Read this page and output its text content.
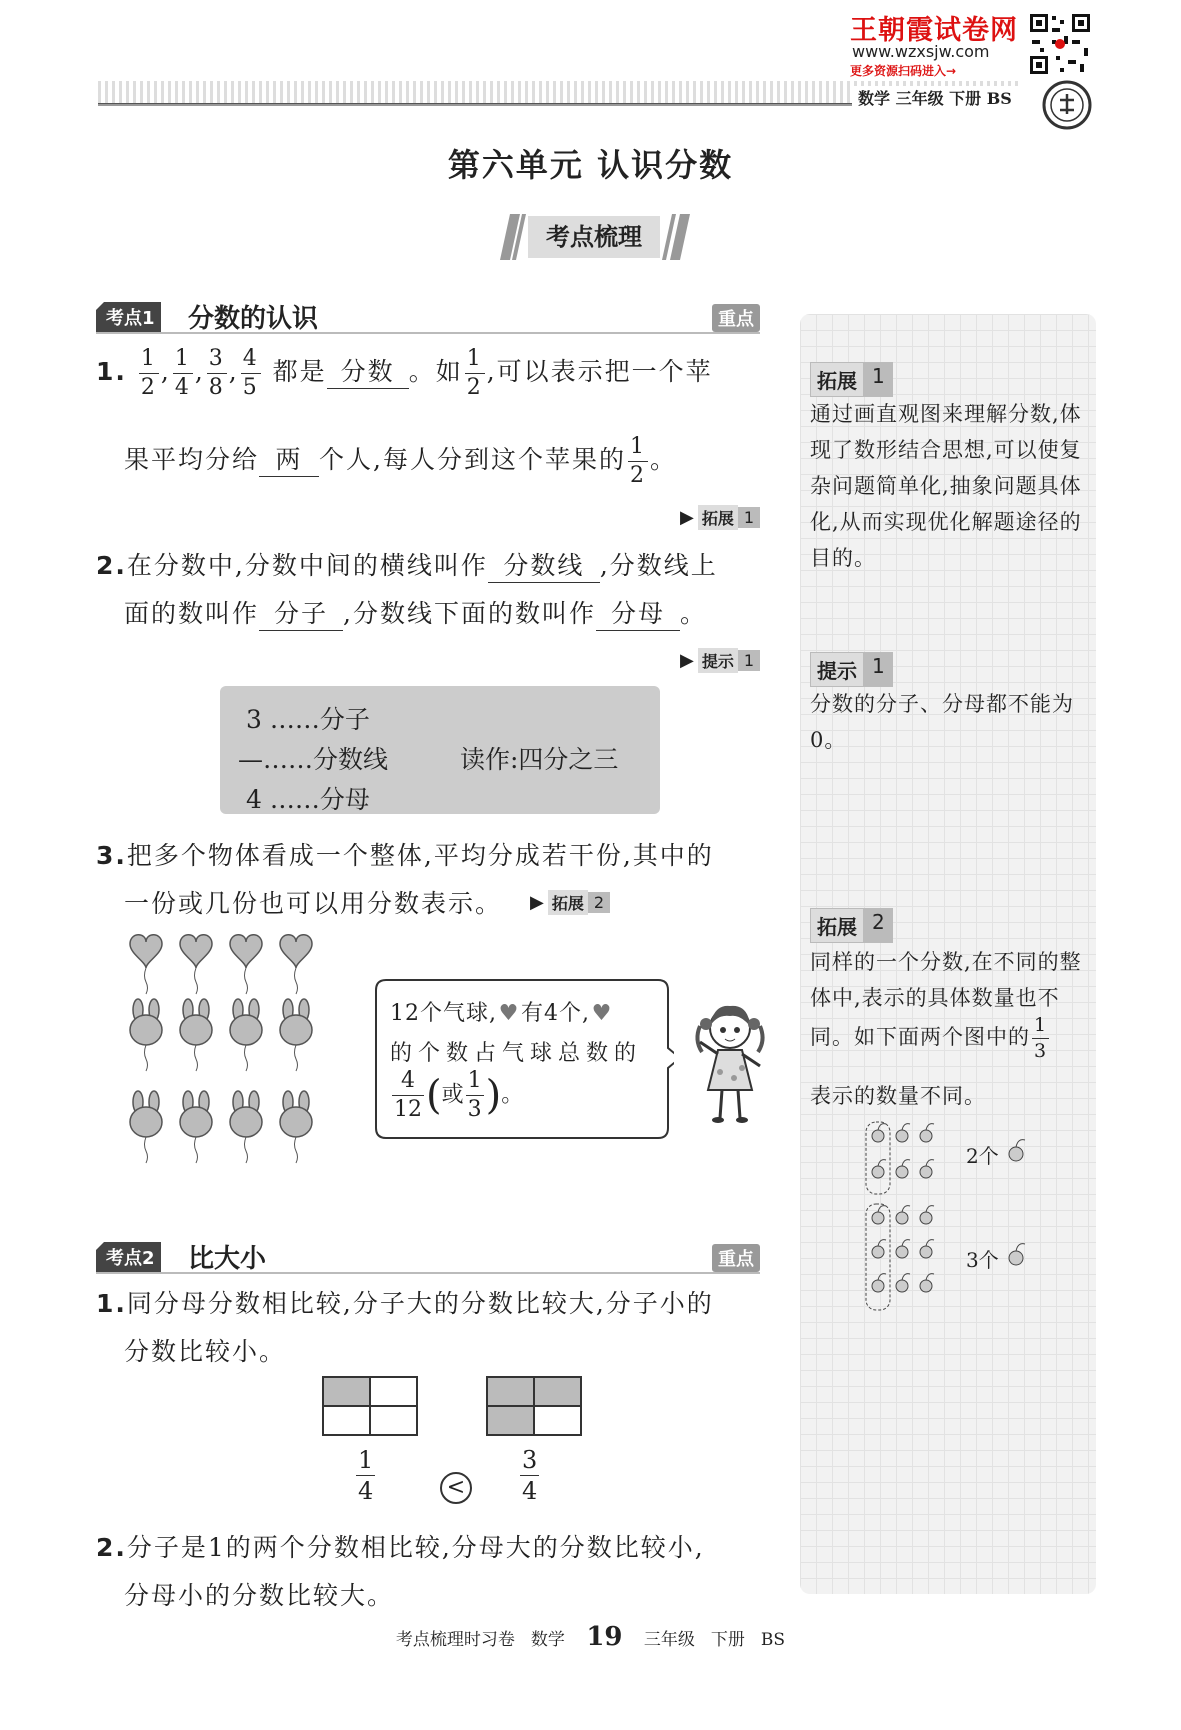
王朝霞试卷网
www.wzxsjw.com
更多资源扫码进入→
数学 三年级 下册 BS
第六单元 认识分数
考点梳理
考点1 分数的认识	重点
1. $\frac{1}{2}$ , $\frac{1}{4}$ , $\frac{3}{8}$ , $\frac{4}{5}$ 都是 分数 。如 $\frac{1}{2}$ ,可以表示把一个苹
果平均分给 两 个人,每人分到这个苹果的 $\frac{1}{2}$ 。
▶ 拓展 1
2.在分数中,分数中间的横线叫作 分数线 ,分数线上
面的数叫作 分子 ,分数线下面的数叫作 分母 。
▶ 提示 1
3 ……分子
—……分数线	读作:四分之三
4 ……分母
3.把多个物体看成一个整体,平均分成若干份,其中的
一份或几份也可以用分数表示。 ▶ 拓展 2
12个气球,♥有4个,♥
的个数占气球总数的
$\frac{4}{12}$ (或 $\frac{1}{3}$ )。
考点2 比大小	重点
1.同分母分数相比较,分子大的分数比较大,分子小的
分数比较小。
$\frac{1}{4}$	< $\frac{3}{4}$
2.分子是1的两个分数相比较,分母大的分数比较小,
分母小的分数比较大。
拓展 1
通过画直观图来理解分数,体现了数形结合思想,可以使复杂问题简单化,抽象问题具体化,从而实现优化解题途径的目的。
提示 1
分数的分子、分母都不能为0。
拓展 2
同样的一个分数,在不同的整体中,表示的具体数量也不同。如下面两个图中的 $\frac{1}{3}$
表示的数量不同。
2个
3个
考点梳理时习卷 数学 19 三年级 下册 BS
